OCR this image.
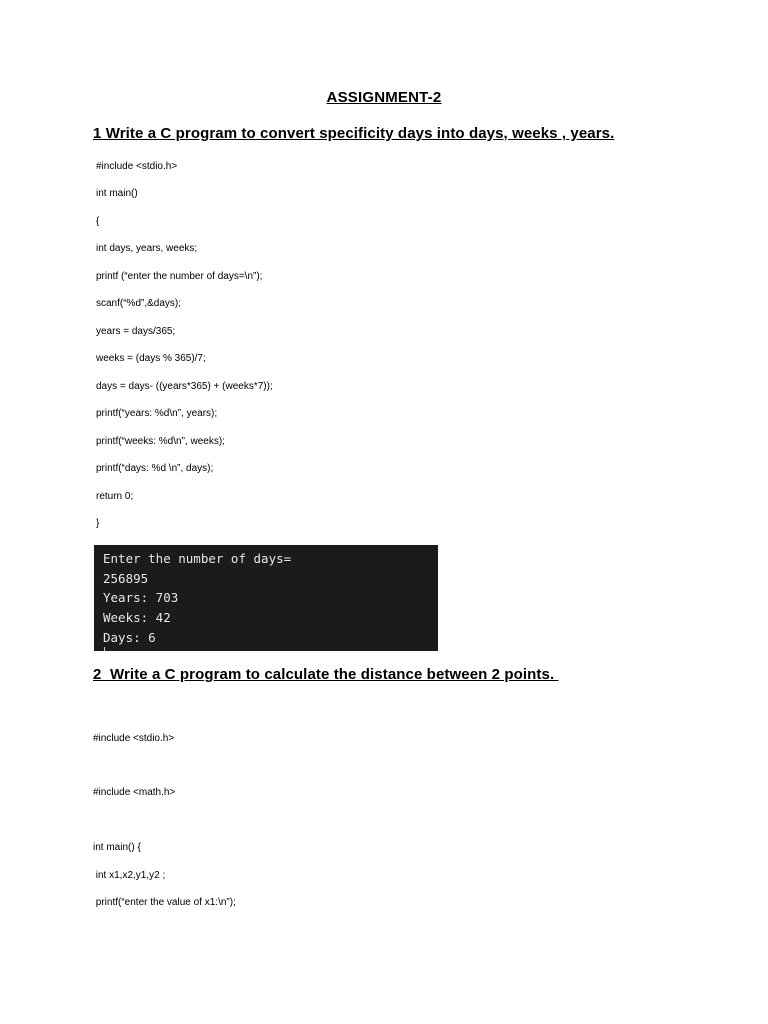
ASSIGNMENT-2
1 Write a C program to convert specificity days into days, weeks , years.
#include <stdio.h>
int main()
{
int days, years, weeks;
printf (“enter the number of days=\n”);
scanf(“%d”,&days);
years = days/365;
weeks = (days % 365)/7;
days = days- ((years*365) + (weeks*7));
printf(“years: %d\n”, years);
printf(“weeks: %d\n”, weeks);
printf(“days: %d \n”, days);
return 0;
}
Enter the number of days=
256895
Years: 703
Weeks: 42
Days: 6
2  Write a C program to calculate the distance between 2 points.
#include <stdio.h>
#include <math.h>
int main() {
int x1,x2,y1,y2 ;
printf(“enter the value of x1:\n”);
